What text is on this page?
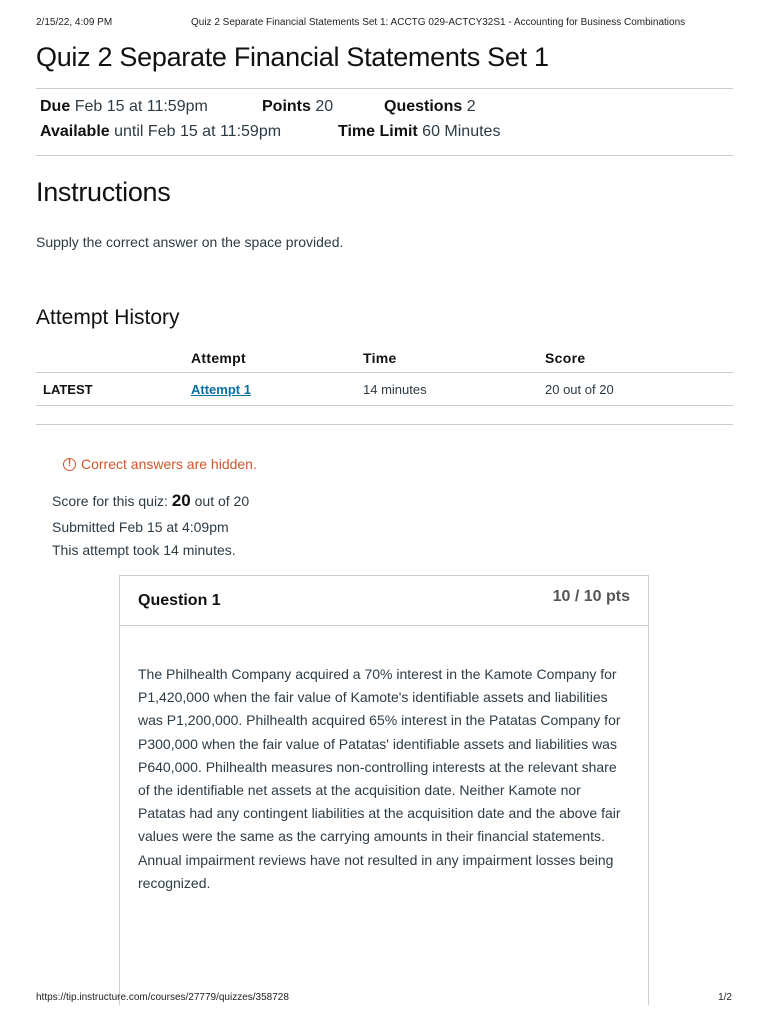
2/15/22, 4:09 PM	Quiz 2 Separate Financial Statements Set 1: ACCTG 029-ACTCY32S1 - Accounting for Business Combinations
Quiz 2 Separate Financial Statements Set 1
Due Feb 15 at 11:59pm	Points 20	Questions 2
Available until Feb 15 at 11:59pm	Time Limit 60 Minutes
Instructions
Supply the correct answer on the space provided.
Attempt History
	Attempt	Time	Score
LATEST	Attempt 1	14 minutes	20 out of 20
! Correct answers are hidden.
Score for this quiz: 20 out of 20
Submitted Feb 15 at 4:09pm
This attempt took 14 minutes.
Question 1	10 / 10 pts

The Philhealth Company acquired a 70% interest in the Kamote Company for P1,420,000 when the fair value of Kamote's identifiable assets and liabilities was P1,200,000. Philhealth acquired 65% interest in the Patatas Company for P300,000 when the fair value of Patatas' identifiable assets and liabilities was P640,000. Philhealth measures non-controlling interests at the relevant share of the identifiable net assets at the acquisition date. Neither Kamote nor Patatas had any contingent liabilities at the acquisition date and the above fair values were the same as the carrying amounts in their financial statements. Annual impairment reviews have not resulted in any impairment losses being recognized.

https://tip.instructure.com/courses/27779/quizzes/358728	1/2
